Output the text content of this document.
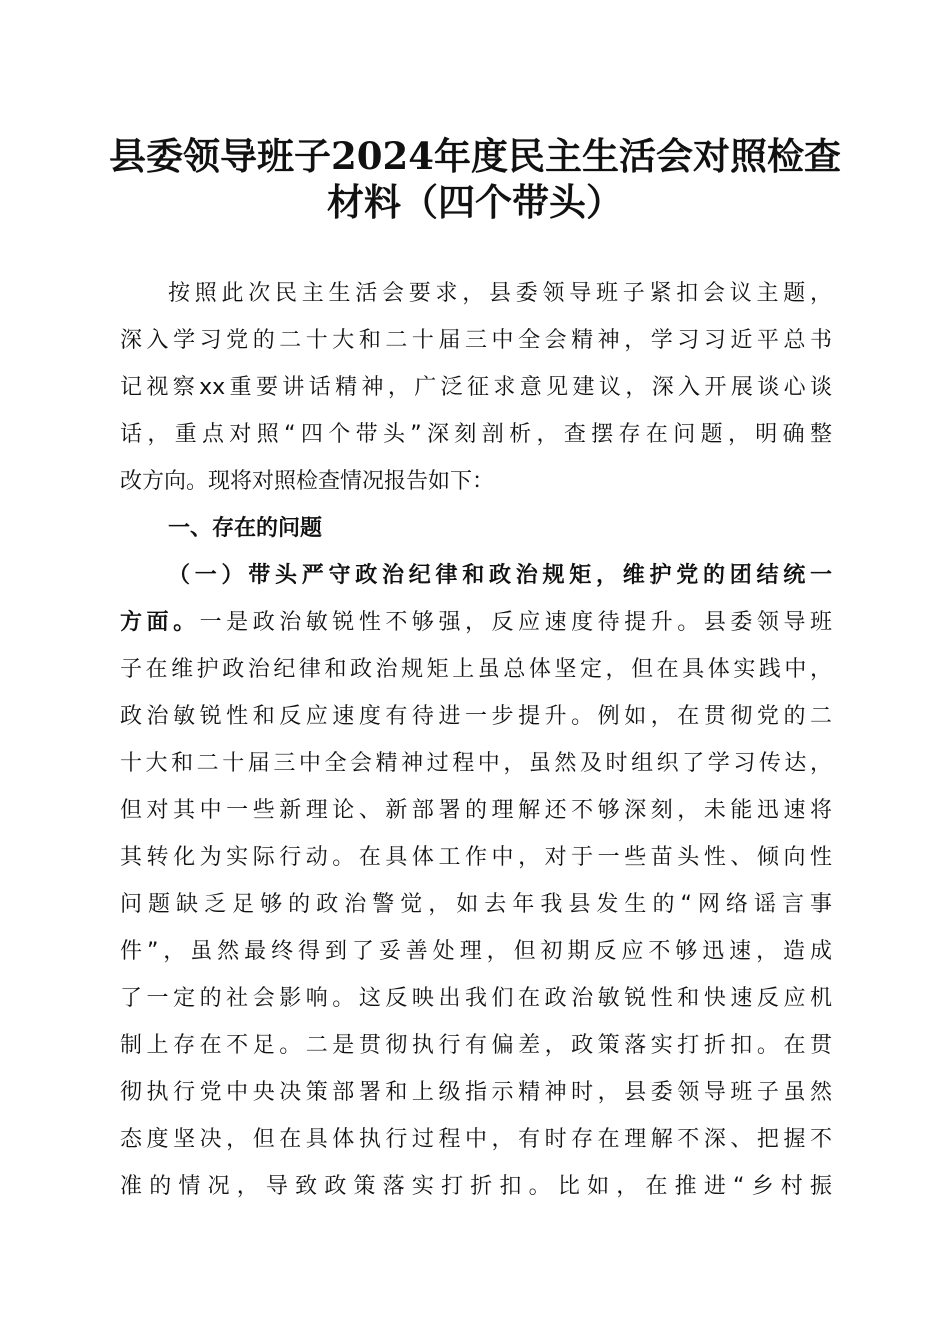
县委领导班子2024年度民主生活会对照检查
材料（四个带头）
按照此次民主生活会要求，县委领导班子紧扣会议主题，
深入学习党的二十大和二十届三中全会精神，学习习近平总书
记视察xx重要讲话精神，广泛征求意见建议，深入开展谈心谈
话，重点对照“四个带头”深刻剖析，查摆存在问题，明确整
改方向。现将对照检查情况报告如下：
一、存在的问题
（一）带头严守政治纪律和政治规矩，维护党的团结统一
方面。一是政治敏锐性不够强，反应速度待提升。县委领导班
子在维护政治纪律和政治规矩上虽总体坚定，但在具体实践中，
政治敏锐性和反应速度有待进一步提升。例如，在贯彻党的二
十大和二十届三中全会精神过程中，虽然及时组织了学习传达，
但对其中一些新理论、新部署的理解还不够深刻，未能迅速将
其转化为实际行动。在具体工作中，对于一些苗头性、倾向性
问题缺乏足够的政治警觉，如去年我县发生的“网络谣言事
件”，虽然最终得到了妥善处理，但初期反应不够迅速，造成
了一定的社会影响。这反映出我们在政治敏锐性和快速反应机
制上存在不足。二是贯彻执行有偏差，政策落实打折扣。在贯
彻执行党中央决策部署和上级指示精神时，县委领导班子虽然
态度坚决，但在具体执行过程中，有时存在理解不深、把握不
准的情况，导致政策落实打折扣。比如，在推进“乡村振
